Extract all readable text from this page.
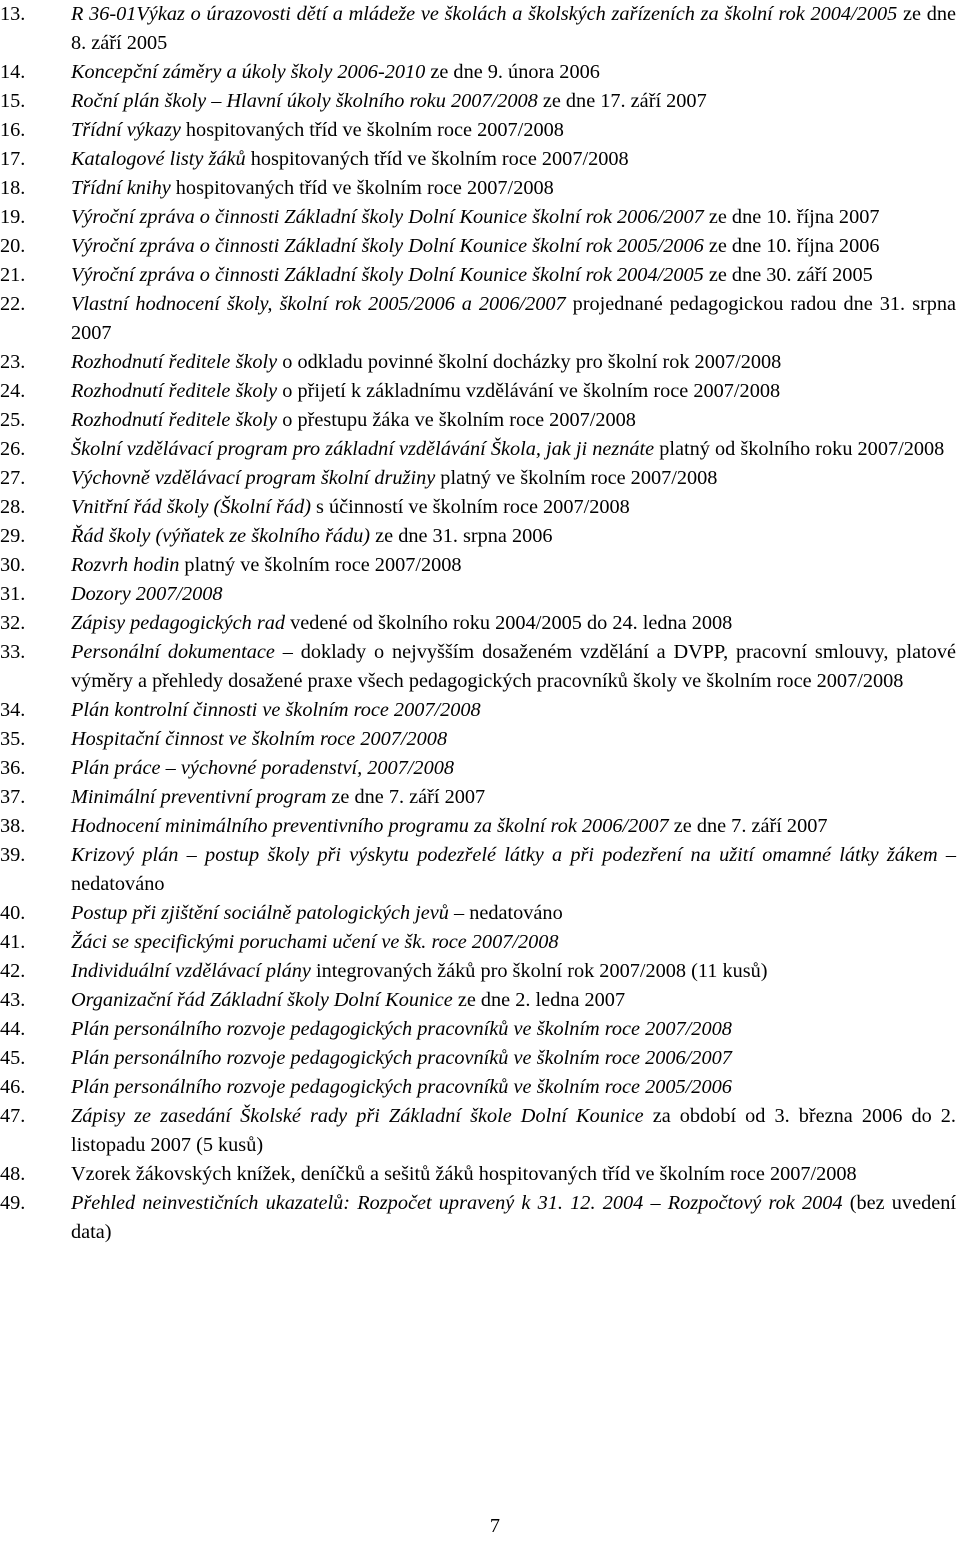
13. R 36-01Výkaz o úrazovosti dětí a mládeže ve školách a školských zařízeních za školní rok 2004/2005 ze dne 8. září 2005
14. Koncepční záměry a úkoly školy 2006-2010 ze dne 9. února 2006
15. Roční plán školy – Hlavní úkoly školního roku 2007/2008 ze dne 17. září 2007
16. Třídní výkazy hospitovaných tříd ve školním roce 2007/2008
17. Katalogové listy žáků hospitovaných tříd ve školním roce 2007/2008
18. Třídní knihy hospitovaných tříd ve školním roce 2007/2008
19. Výroční zpráva o činnosti Základní školy Dolní Kounice školní rok 2006/2007 ze dne 10. října 2007
20. Výroční zpráva o činnosti Základní školy Dolní Kounice školní rok 2005/2006 ze dne 10. října 2006
21. Výroční zpráva o činnosti Základní školy Dolní Kounice školní rok 2004/2005 ze dne 30. září 2005
22. Vlastní hodnocení školy, školní rok 2005/2006 a 2006/2007 projednané pedagogickou radou dne 31. srpna 2007
23. Rozhodnutí ředitele školy o odkladu povinné školní docházky pro školní rok 2007/2008
24. Rozhodnutí ředitele školy o přijetí k základnímu vzdělávání ve školním roce 2007/2008
25. Rozhodnutí ředitele školy o přestupu žáka ve školním roce 2007/2008
26. Školní vzdělávací program pro základní vzdělávání Škola, jak ji neznáte platný od školního roku 2007/2008
27. Výchovně vzdělávací program školní družiny platný ve školním roce 2007/2008
28. Vnitřní řád školy (Školní řád) s účinností ve školním roce 2007/2008
29. Řád školy (výňatek ze školního řádu) ze dne 31. srpna 2006
30. Rozvrh hodin platný ve školním roce 2007/2008
31. Dozory 2007/2008
32. Zápisy pedagogických rad vedené od školního roku 2004/2005 do 24. ledna 2008
33. Personální dokumentace – doklady o nejvyšším dosaženém vzdělání a DVPP, pracovní smlouvy, platové výměry a přehledy dosažené praxe všech pedagogických pracovníků školy ve školním roce 2007/2008
34. Plán kontrolní činnosti ve školním roce 2007/2008
35. Hospitační činnost ve školním roce 2007/2008
36. Plán práce – výchovné poradenství, 2007/2008
37. Minimální preventivní program ze dne 7. září 2007
38. Hodnocení minimálního preventivního programu za školní rok 2006/2007 ze dne 7. září 2007
39. Krizový plán – postup školy při výskytu podezřelé látky a při podezření na užití omamné látky žákem – nedatováno
40. Postup při zjištění sociálně patologických jevů – nedatováno
41. Žáci se specifickými poruchami učení ve šk. roce 2007/2008
42. Individuální vzdělávací plány integrovaných žáků pro školní rok 2007/2008 (11 kusů)
43. Organizační řád Základní školy Dolní Kounice ze dne 2. ledna 2007
44. Plán personálního rozvoje pedagogických pracovníků ve školním roce 2007/2008
45. Plán personálního rozvoje pedagogických pracovníků ve školním roce 2006/2007
46. Plán personálního rozvoje pedagogických pracovníků ve školním roce 2005/2006
47. Zápisy ze zasedání Školské rady při Základní škole Dolní Kounice za období od 3. března 2006 do 2. listopadu 2007 (5 kusů)
48. Vzorek žákovských knížek, deníčků a sešitů žáků hospitovaných tříd ve školním roce 2007/2008
49. Přehled neinvestičních ukazatelů: Rozpočet upravený k 31. 12. 2004 – Rozpočtový rok 2004 (bez uvedení data)
7
